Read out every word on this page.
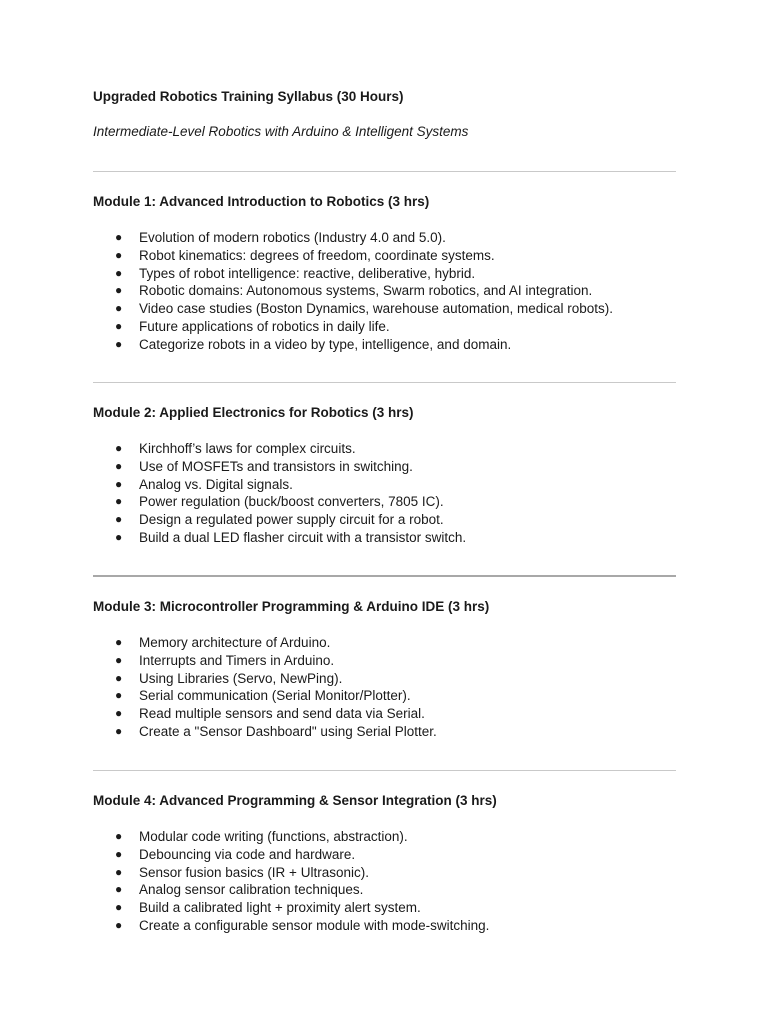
Upgraded Robotics Training Syllabus (30 Hours)
Intermediate-Level Robotics with Arduino & Intelligent Systems
Module 1: Advanced Introduction to Robotics (3 hrs)
● Evolution of modern robotics (Industry 4.0 and 5.0).
● Robot kinematics: degrees of freedom, coordinate systems.
● Types of robot intelligence: reactive, deliberative, hybrid.
● Robotic domains: Autonomous systems, Swarm robotics, and AI integration.
● Video case studies (Boston Dynamics, warehouse automation, medical robots).
● Future applications of robotics in daily life.
● Categorize robots in a video by type, intelligence, and domain.
Module 2: Applied Electronics for Robotics (3 hrs)
● Kirchhoff’s laws for complex circuits.
● Use of MOSFETs and transistors in switching.
● Analog vs. Digital signals.
● Power regulation (buck/boost converters, 7805 IC).
● Design a regulated power supply circuit for a robot.
● Build a dual LED flasher circuit with a transistor switch.
Module 3: Microcontroller Programming & Arduino IDE (3 hrs)
● Memory architecture of Arduino.
● Interrupts and Timers in Arduino.
● Using Libraries (Servo, NewPing).
● Serial communication (Serial Monitor/Plotter).
● Read multiple sensors and send data via Serial.
● Create a "Sensor Dashboard" using Serial Plotter.
Module 4: Advanced Programming & Sensor Integration (3 hrs)
● Modular code writing (functions, abstraction).
● Debouncing via code and hardware.
● Sensor fusion basics (IR + Ultrasonic).
● Analog sensor calibration techniques.
● Build a calibrated light + proximity alert system.
● Create a configurable sensor module with mode-switching.
